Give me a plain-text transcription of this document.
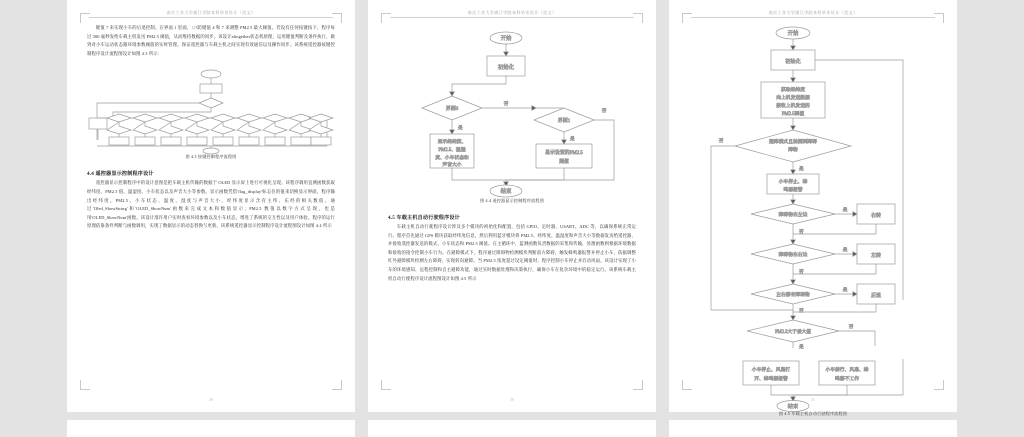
南京工业大学浦江学院本科毕业设计（论文）

键值 7 来实现小车的后退控制。在界面 1 里面，ং防键值 4 和 7 来调整 PM2.5 最大阈值。若没有任何按键按下，程序每过 300 毫秒发给车载主机发送 PM2.5 阈值，从而维持数据的同步。该设计altogether状态机原理，运用键值判断及条件执行，做到对小车运动状态跟环境参数阈值的实时管理。保证遥控器与车载主机之间实现有效通信以及操作同步。该系统遥控器按键控制程序设计流程图设计如图 4.3 所示：

图 4.3 按键控制程序流程图
4.4 遥控器显示控制程序设计

遥控器显示控制程序中的设计意图是把车载主机传输的数据于 OLED 显示屏上进行可视化呈现。该程序调用直测函数获取经纬度、PM2.5 值、温湿度、小车状态以及声音大小等参数。显示函数凭借'flag_display'标志位的值来切换显示界面，程序输出经纬度、PM2.5、小车状态、温度、湿度与声音大小、经纬度显示含有主纬、东经的相关数值。通过'Oled_ShowString'和'OLED_ShowNum'函数来完成文本和数值显示；PM2.5 数值以数字方式呈现，也是用'OLED_ShowNum'函数。该设计准许用户实时查看环境参数以及小车状态，增进了系统的交互性以及用户体验。程序的运行原理依靠条件判断与函数调用，实现了数据显示的动态替换与更新。该系统遥控器显示控制程序设计流程图设计如图 4.4 所示

29
南京工业大学浦江学院本科毕业设计（论文）
开始
初始化
界面0
否
界面1
否
是
显示经纬度、
PM2.5、温湿
度、小车状态和
声音大小
是
显示设置的PM2.5
阈值
结束
图 4.4 遥控器显示控制程序流程图
4.5 车载主机自动行驶程序设计

车载主机自动行驶程序设计涉及多个模块的初始化和配置，包括 GPIO、定时器、USART、ADC 等，以确保系统正常运行。程序首先通过 GPS 模块获取经纬度信息，然后利用蓝牙模块将 PM2.5、经纬度、温湿度和声音大小等数据发送给遥控器，并接收遥控器发送的模式、小车状态和 PM2.5 阈值。在主循环中，蓝测函数负责数据的采集和传输，处理函数则根据环境数据和接收的指令控制小车行为。在避障模式下，程序通过障碍物检测模块判断前方障碍，触发蜂鸣器报警并停止小车，依据调整红外避障模块检测左右障碍，实现转向避障。当 PM2.5 浓度超过设定阈值时，程序控制小车停止并启动风扇。该设计实现了小车的环境感知、远程控制和自主避障功能，通过实时数据处理和决策执行，确保小车在复杂环境中的稳定运行。该系统车载主机自动行使程序设计流程图设计如图 4.5 所示

30
南京工业大学浦江学院本科毕业设计（论文）
开始
初始化
获取经纬度
向上机发送数据
接收上机发送的
PM2.5阈值
避障模式且检测到障碍
障物
否
是
小车停止、蜂
鸣器报警
障碍物在左边
是
右转
否
障碍物在右边
是
左转
否
左右都有障碍物
是
后退
否
PM2.5大于最大值
否
是
小车停止、风扇打
开、蜂鸣器报警
小车前行、风扇、蜂
鸣器不工作
结束
图 4.5 车载主机自动行驶程序流程图
31
